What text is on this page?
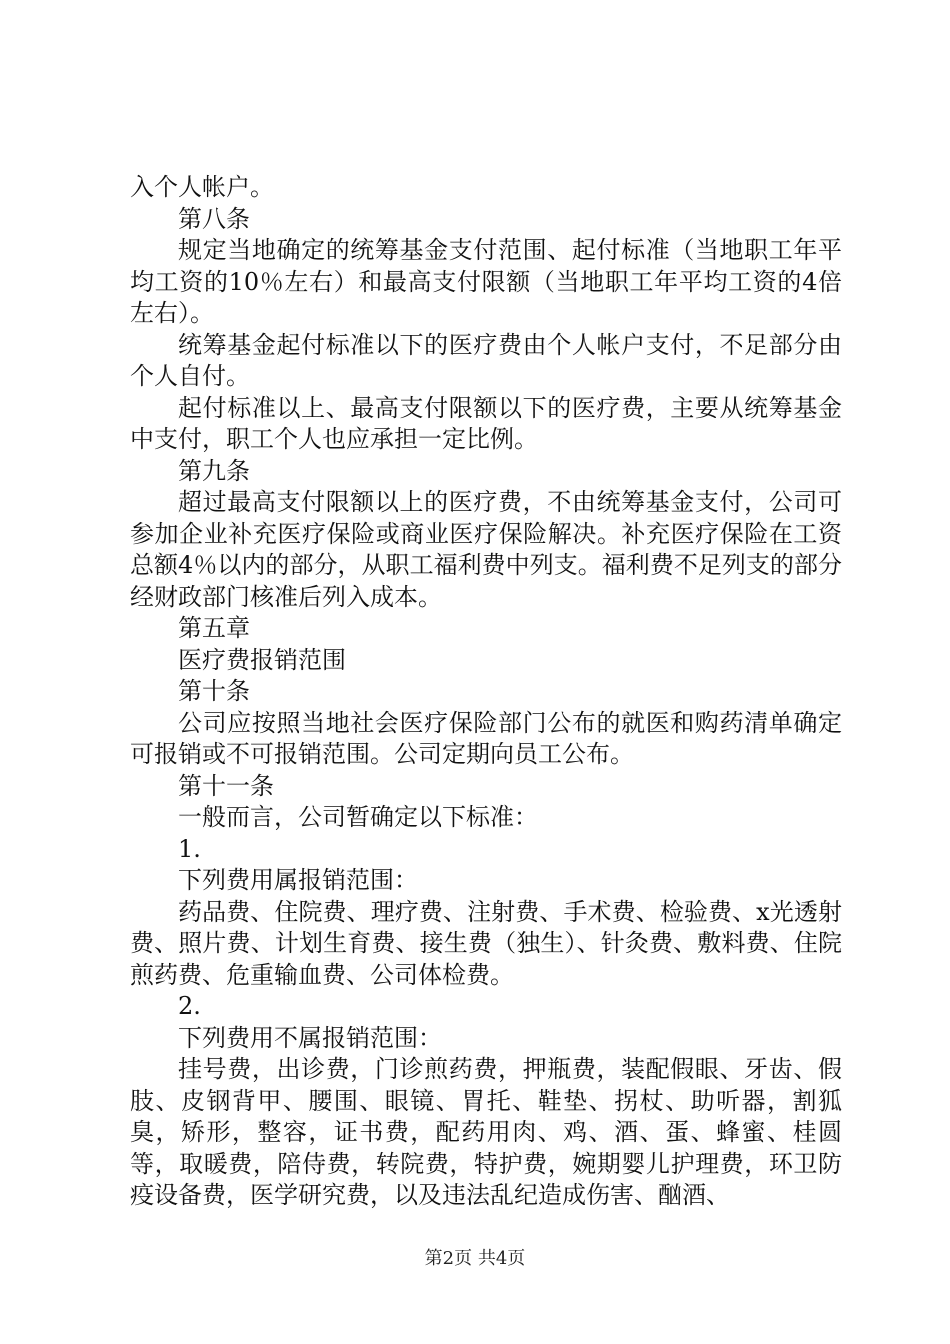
入个人帐户。

第八条

规定当地确定的统筹基金支付范围、起付标准（当地职工年平均工资的10％左右）和最高支付限额（当地职工年平均工资的4倍左右）。

统筹基金起付标准以下的医疗费由个人帐户支付，不足部分由个人自付。

起付标准以上、最高支付限额以下的医疗费，主要从统筹基金中支付，职工个人也应承担一定比例。

第九条

超过最高支付限额以上的医疗费，不由统筹基金支付，公司可参加企业补充医疗保险或商业医疗保险解决。补充医疗保险在工资总额4％以内的部分，从职工福利费中列支。福利费不足列支的部分经财政部门核准后列入成本。

第五章

医疗费报销范围

第十条

公司应按照当地社会医疗保险部门公布的就医和购药清单确定可报销或不可报销范围。公司定期向员工公布。

第十一条

一般而言，公司暂确定以下标准：

1.

下列费用属报销范围：

药品费、住院费、理疗费、注射费、手术费、检验费、x光透射费、照片费、计划生育费、接生费（独生）、针灸费、敷料费、住院煎药费、危重输血费、公司体检费。

2.

下列费用不属报销范围：

挂号费，出诊费，门诊煎药费，押瓶费，装配假眼、牙齿、假肢、皮钢背甲、腰围、眼镜、胃托、鞋垫、拐杖、助听器，割狐臭，矫形，整容，证书费，配药用肉、鸡、酒、蛋、蜂蜜、桂圆等，取暖费，陪侍费，转院费，特护费，婉期婴儿护理费，环卫防疫设备费，医学研究费，以及违法乱纪造成伤害、酗酒、

第2页 共4页
